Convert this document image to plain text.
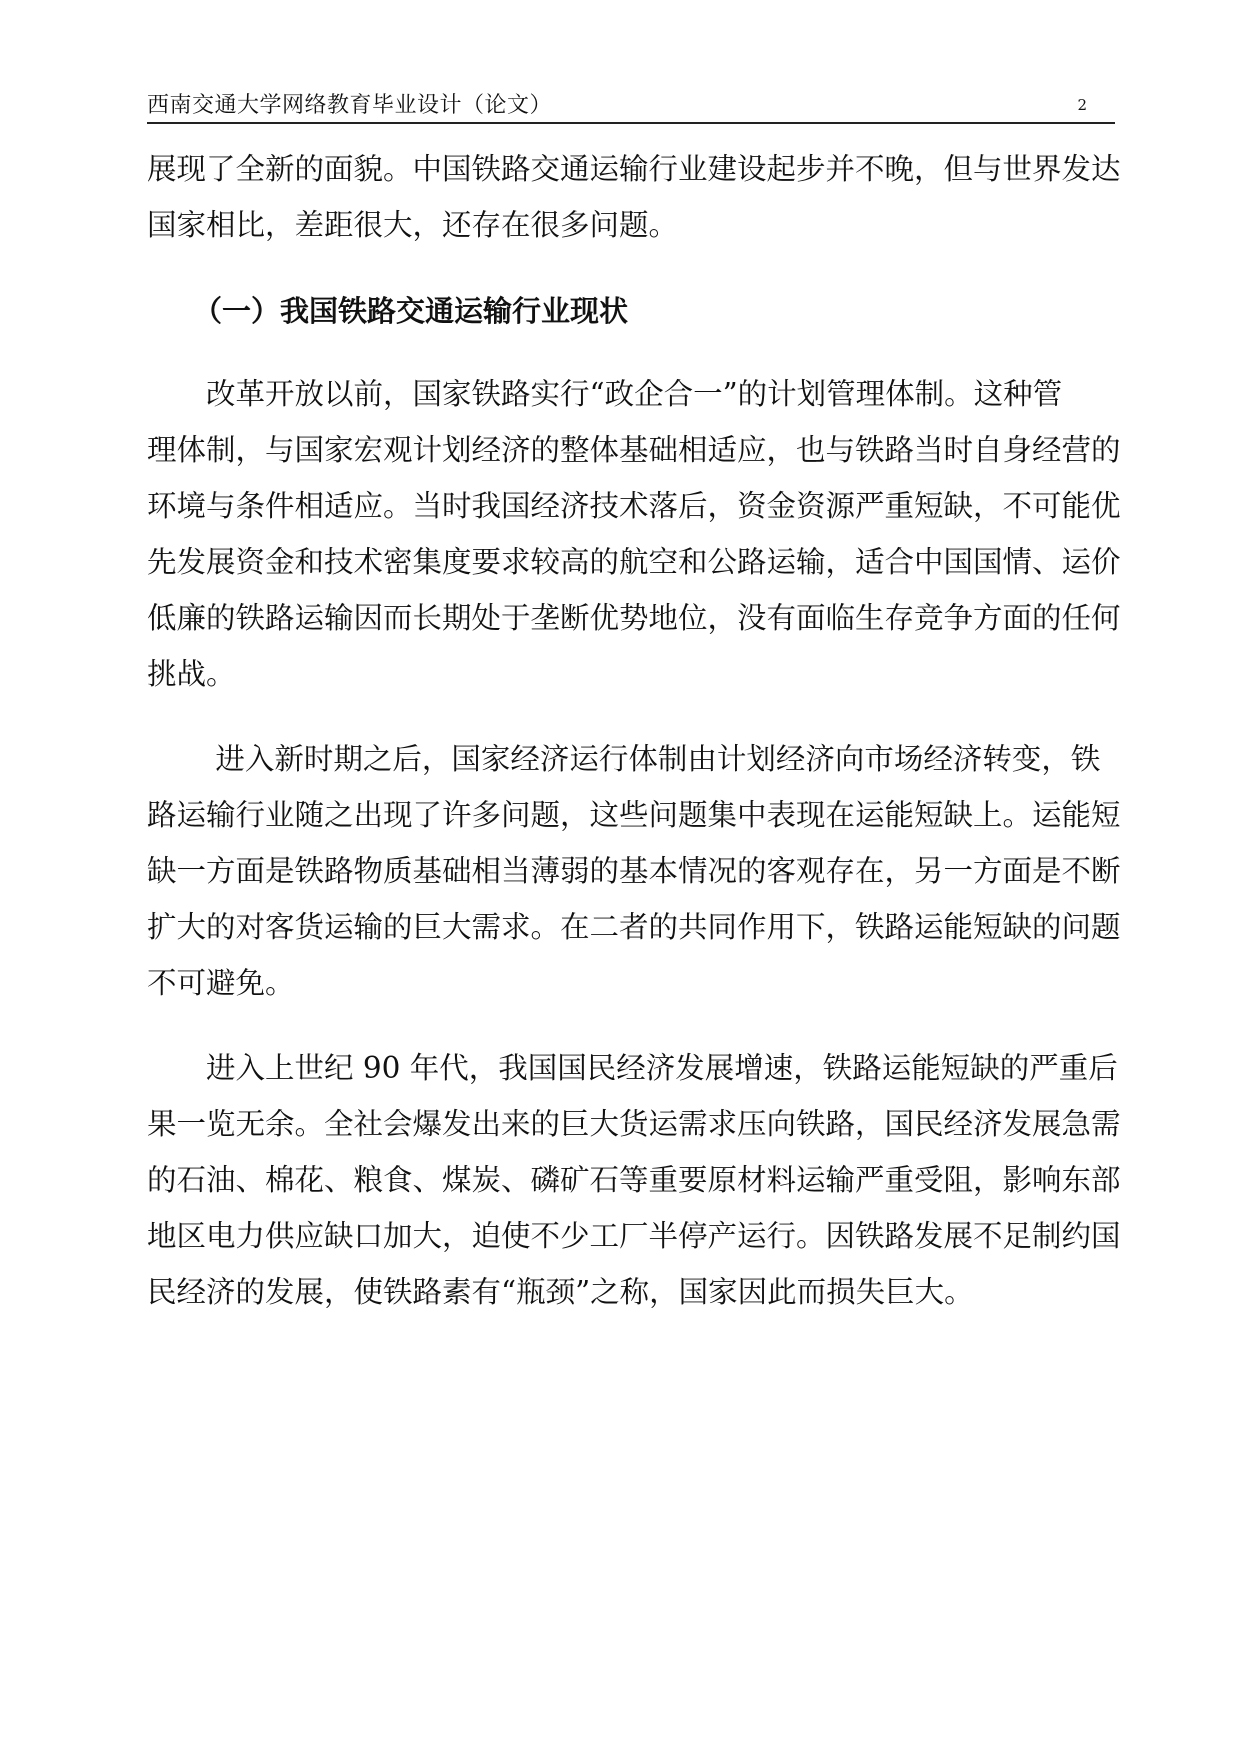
西南交通大学网络教育毕业设计（论文）	2

展现了全新的面貌。中国铁路交通运输行业建设起步并不晚，但与世界发达

国家相比，差距很大，还存在很多问题。

（一）我国铁路交通运输行业现状

　　改革开放以前，国家铁路实行“政企合一”的计划管理体制。这种管

理体制，与国家宏观计划经济的整体基础相适应，也与铁路当时自身经营的

环境与条件相适应。当时我国经济技术落后，资金资源严重短缺，不可能优

先发展资金和技术密集度要求较高的航空和公路运输，适合中国国情、运价

低廉的铁路运输因而长期处于垄断优势地位，没有面临生存竞争方面的任何

挑战。

　　 进入新时期之后，国家经济运行体制由计划经济向市场经济转变，铁

路运输行业随之出现了许多问题，这些问题集中表现在运能短缺上。运能短

缺一方面是铁路物质基础相当薄弱的基本情况的客观存在，另一方面是不断

扩大的对客货运输的巨大需求。在二者的共同作用下，铁路运能短缺的问题

不可避免。

　　进入上世纪 90 年代，我国国民经济发展增速，铁路运能短缺的严重后

果一览无余。全社会爆发出来的巨大货运需求压向铁路，国民经济发展急需

的石油、棉花、粮食、煤炭、磷矿石等重要原材料运输严重受阻，影响东部

地区电力供应缺口加大，迫使不少工厂半停产运行。因铁路发展不足制约国

民经济的发展，使铁路素有“瓶颈”之称，国家因此而损失巨大。
